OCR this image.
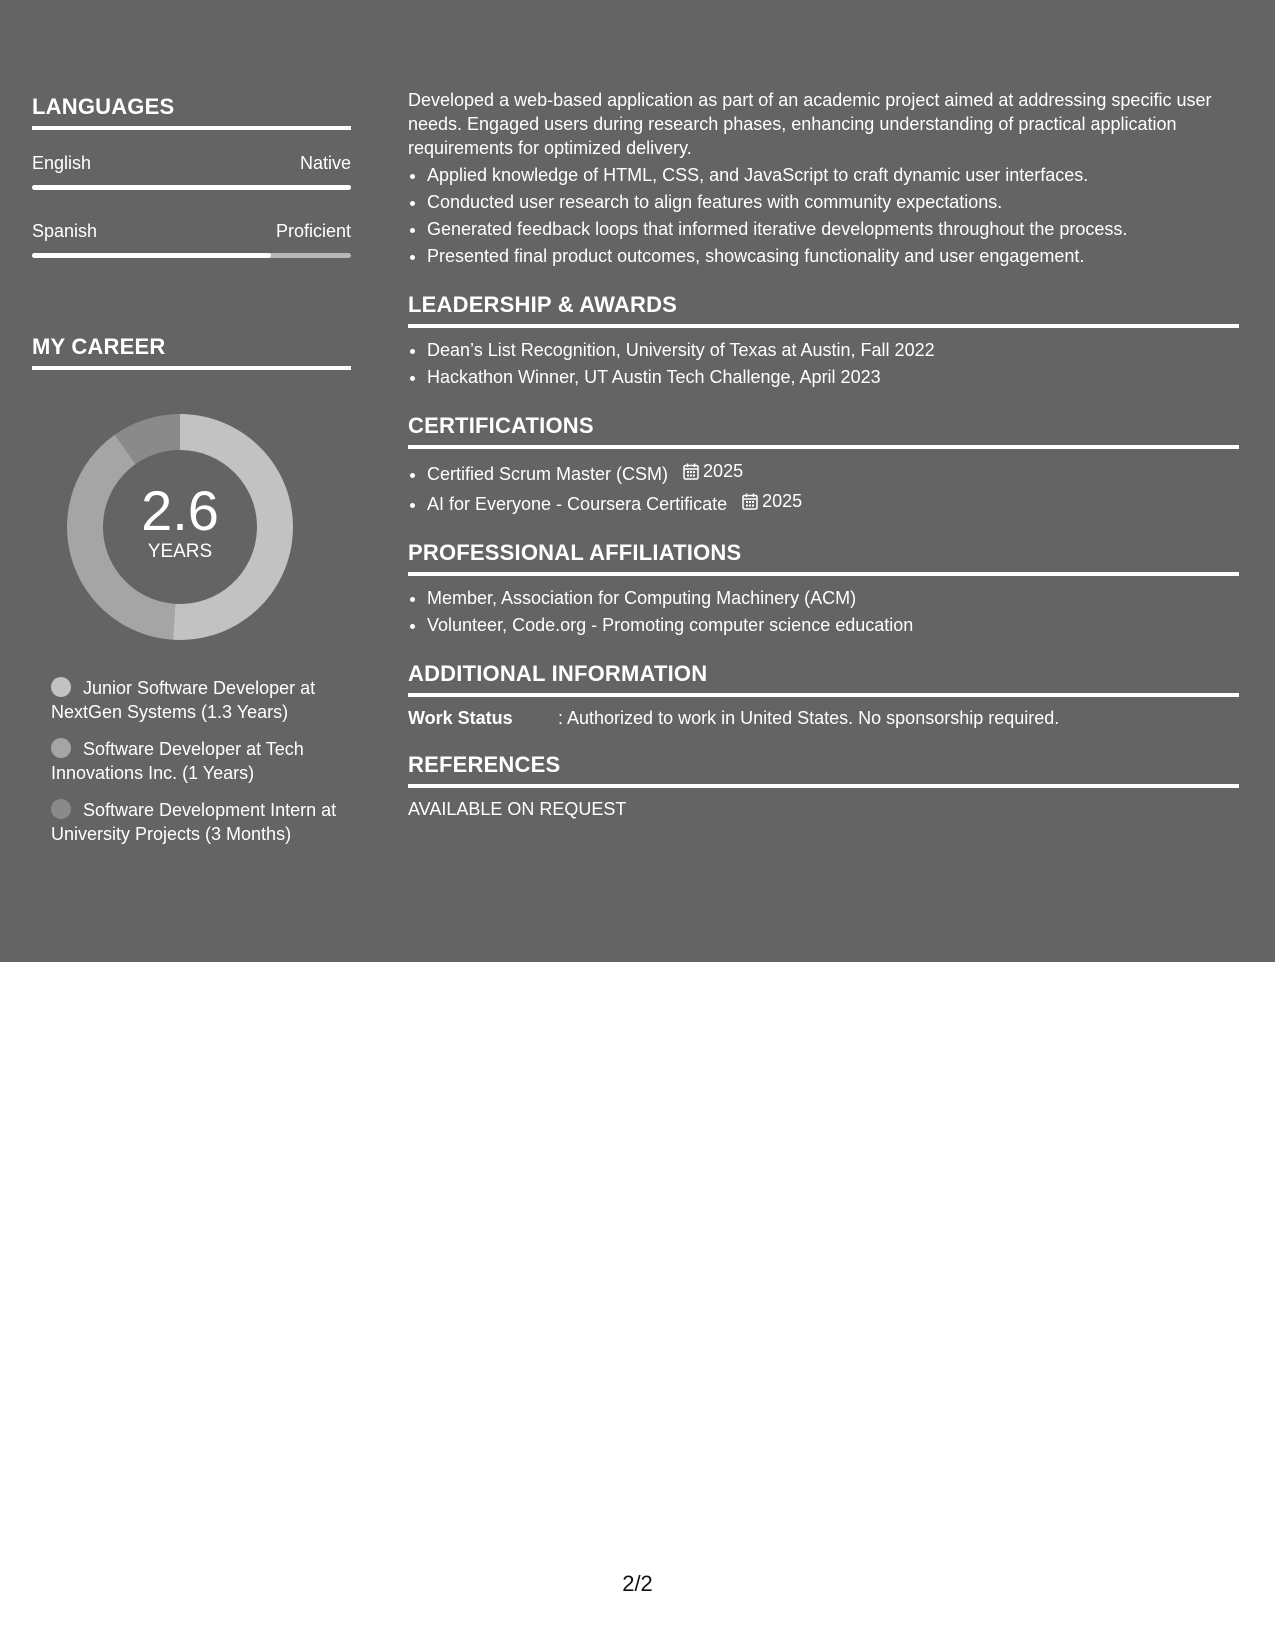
LANGUAGES
English	Native
Spanish	Proficient
MY CAREER
2.6
YEARS
Junior Software Developer at NextGen Systems (1.3 Years)
Software Developer at Tech Innovations Inc. (1 Years)
Software Development Intern at University Projects (3 Months)

Developed a web-based application as part of an academic project aimed at addressing specific user needs. Engaged users during research phases, enhancing understanding of practical application requirements for optimized delivery.

• Applied knowledge of HTML, CSS, and JavaScript to craft dynamic user interfaces.
• Conducted user research to align features with community expectations.
• Generated feedback loops that informed iterative developments throughout the process.
• Presented final product outcomes, showcasing functionality and user engagement.
LEADERSHIP & AWARDS
• Dean’s List Recognition, University of Texas at Austin, Fall 2022
• Hackathon Winner, UT Austin Tech Challenge, April 2023
CERTIFICATIONS
• Certified Scrum Master (CSM) 2025
• AI for Everyone - Coursera Certificate 2025
PROFESSIONAL AFFILIATIONS
• Member, Association for Computing Machinery (ACM)
• Volunteer, Code.org - Promoting computer science education
ADDITIONAL INFORMATION
Work Status	: Authorized to work in United States. No sponsorship required.
REFERENCES

AVAILABLE ON REQUEST

2/2
